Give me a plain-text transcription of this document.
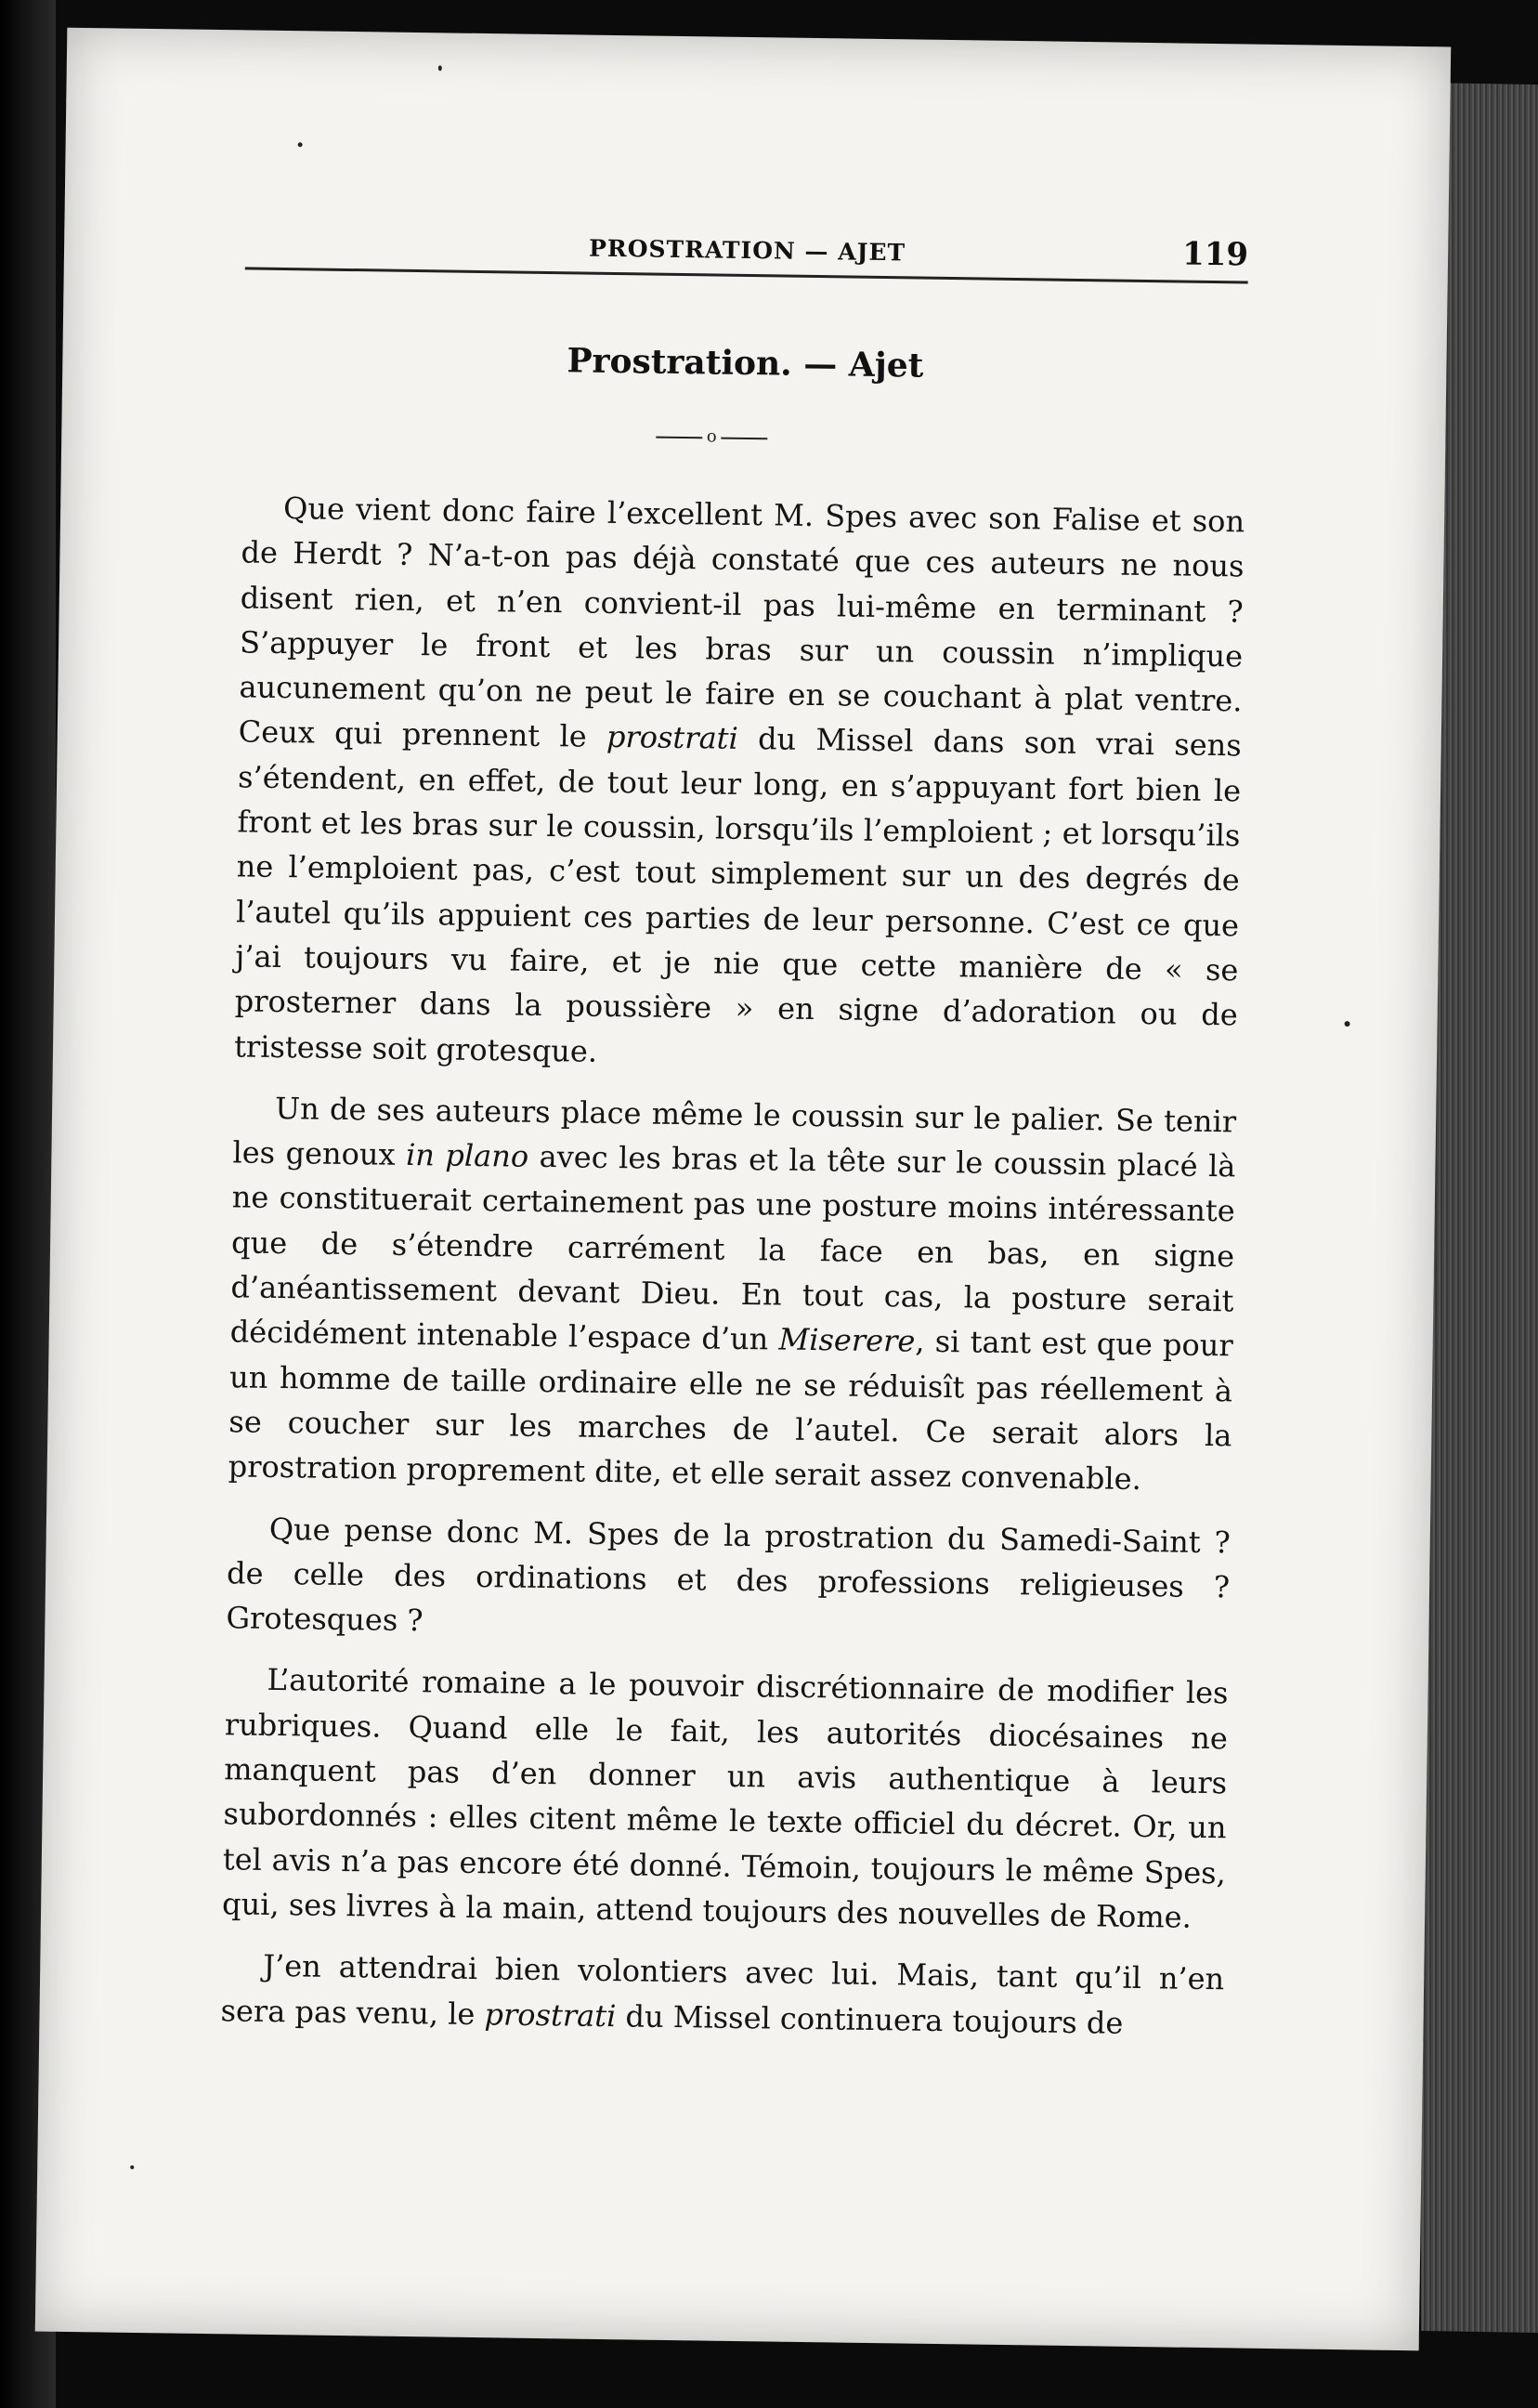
PROSTRATION — AJET	119
Prostration. — Ajet
o

Que vient donc faire l’excellent M. Spes avec son Falise et son de Herdt ? N’a-t-on pas déjà constaté que ces auteurs ne nous disent rien, et n’en convient-il pas lui-même en terminant ? S’appuyer le front et les bras sur un coussin n’implique aucunement qu’on ne peut le faire en se couchant à plat ventre. Ceux qui prennent le prostrati du Missel dans son vrai sens s’étendent, en effet, de tout leur long, en s’appuyant fort bien le front et les bras sur le coussin, lorsqu’ils l’emploient ; et lorsqu’ils ne l’emploient pas, c’est tout simplement sur un des degrés de l’autel qu’ils appuient ces parties de leur personne. C’est ce que j’ai toujours vu faire, et je nie que cette manière de « se prosterner dans la poussière » en signe d’adoration ou de tristesse soit grotesque.

Un de ses auteurs place même le coussin sur le palier. Se tenir les genoux in plano avec les bras et la tête sur le coussin placé là ne constituerait certainement pas une posture moins intéressante que de s’étendre carrément la face en bas, en signe d’anéantissement devant Dieu. En tout cas, la posture serait décidément intenable l’espace d’un Miserere, si tant est que pour un homme de taille ordinaire elle ne se réduisît pas réellement à se coucher sur les marches de l’autel. Ce serait alors la prostration proprement dite, et elle serait assez convenable.

Que pense donc M. Spes de la prostration du Samedi-Saint ? de celle des ordinations et des professions religieuses ? Grotesques ?

L’autorité romaine a le pouvoir discrétionnaire de modifier les rubriques. Quand elle le fait, les autorités diocésaines ne manquent pas d’en donner un avis authentique à leurs subordonnés : elles citent même le texte officiel du décret. Or, un tel avis n’a pas encore été donné. Témoin, toujours le même Spes, qui, ses livres à la main, attend toujours des nouvelles de Rome.

J’en attendrai bien volontiers avec lui. Mais, tant qu’il n’en sera pas venu, le prostrati du Missel continuera toujours de
